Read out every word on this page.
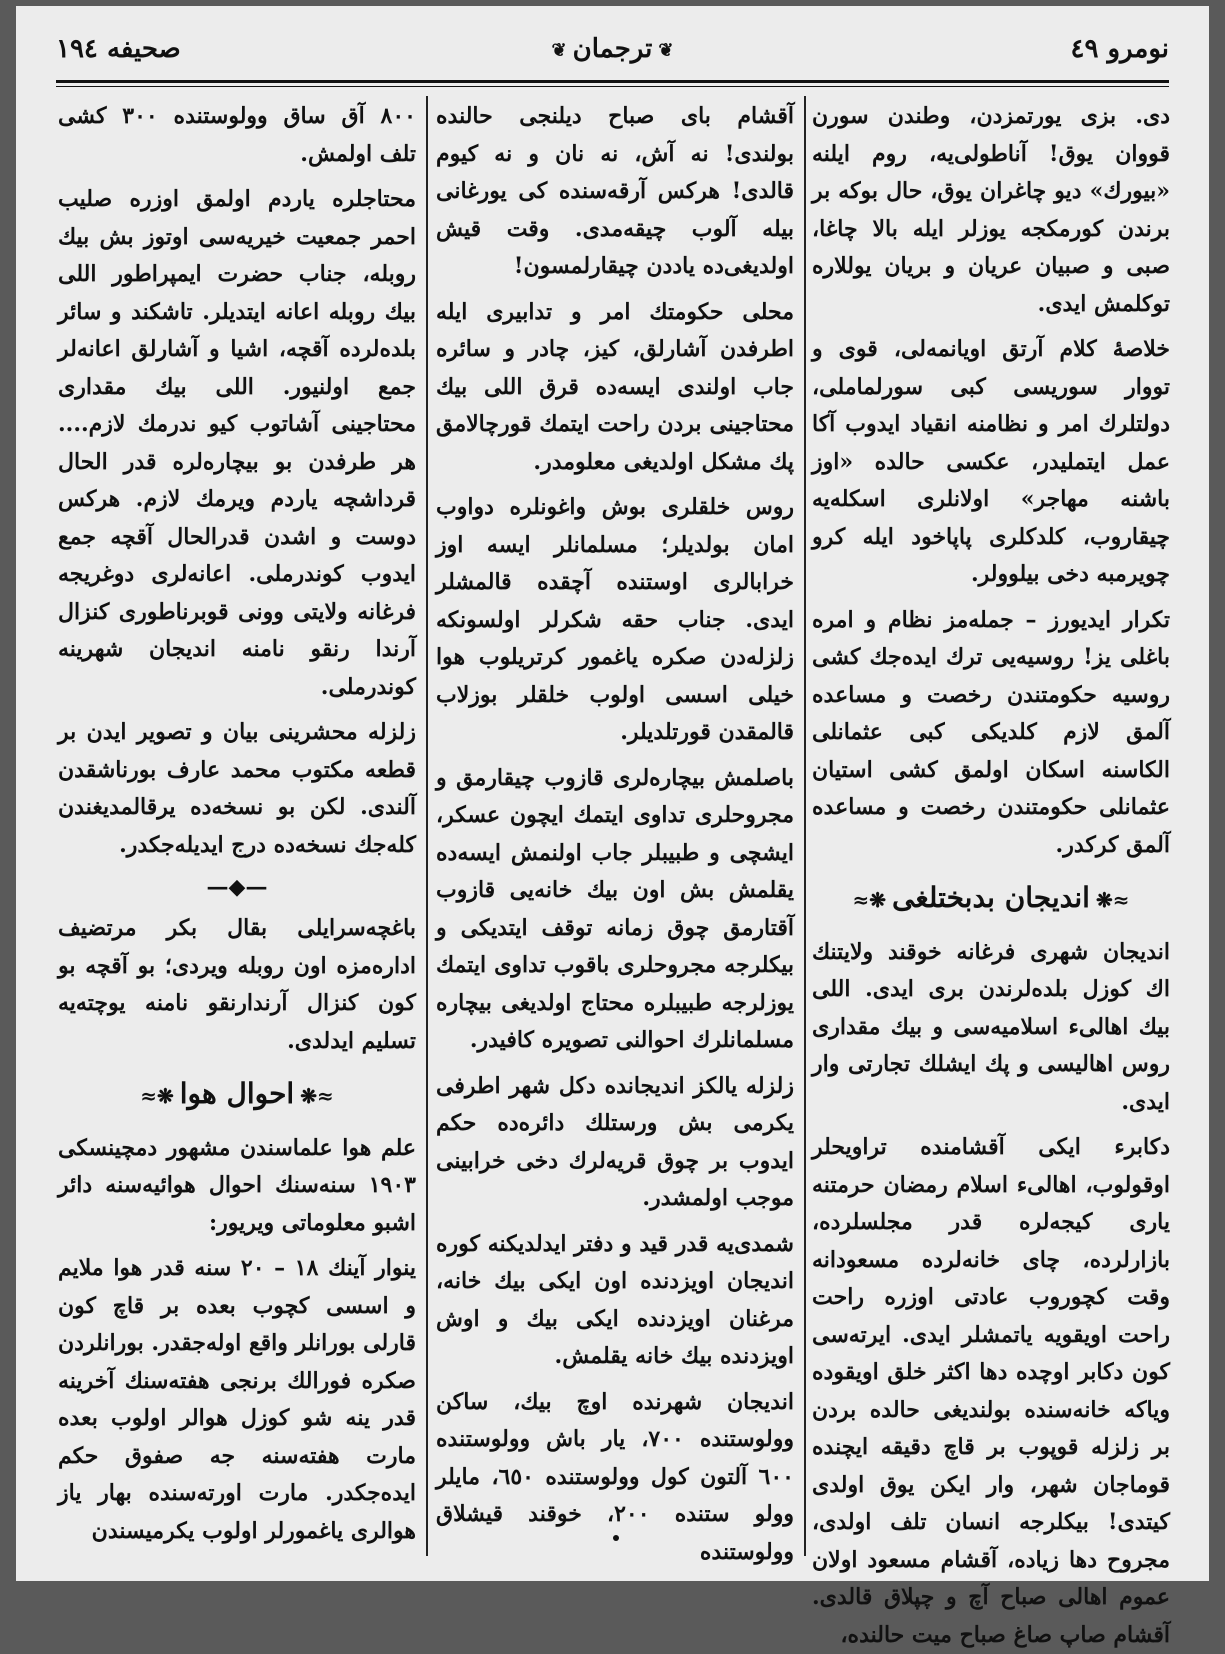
نومرو ٤٩
❦ترجمان❦
صحيفه ١٩٤

دى. بزى يورتمزدن، وطندن سورن قووان يوق! آناطولى‌يه، روم ايلنه «بيورك» ديو چاغران يوق، حال بوكه بر برندن كورمكجه يوزلر ايله بالا چاغا، صبى و صبيان عريان و بريان يوللاره توكلمش ايدى.

خلاصهٔ كلام آرتق اويانمه‌لى، قوى و تووار سوريسى كبى سورلماملى، دولتلرك امر و نظامنه انقياد ايدوب آكا عمل ايتمليدر، عكسى حالده «اوز باشنه مهاجر» اولانلرى اسكله‌يه چيقاروب، كلدكلرى پاپاخود ايله كرو چويرمبه دخى بيلوولر.

تكرار ايديورز – جمله‌مز نظام و امره باغلى يز! روسيه‌يى ترك ايده‌جك كشى روسيه حكومتندن رخصت و مساعده آلمق لازم كلديكى كبى عثمانلى الكاسنه اسكان اولمق كشى استيان عثمانلى حكومتندن رخصت و مساعده آلمق كركدر.

≈❋اندیجان بدبختلغى❋≈

اندیجان شهرى فرغانه خوقند ولايتنك اك كوزل بلده‌لرندن برى ايدى. اللى بيك اهالىء اسلاميه‌سى و بيك مقدارى روس اهاليسى و پك ايشلك تجارتى وار ايدى.

دكابرء ايكى آقشامنده تراويحلر اوقولوب، اهالىء اسلام رمضان حرمتنه يارى كيجه‌لره قدر مجلسلرده، بازارلرده، چاى خانه‌لرده مسعودانه وقت كچوروب عادتى اوزره راحت راحت اويقويه ياتمشلر ايدى. ايرته‌سى كون دكابر اوچده دها اكثر خلق اويقوده وياكه خانه‌سنده بولنديغى حالده بردن بر زلزله قوپوب بر قاچ دقيقه ايچنده قوماجان شهر، وار ايكن يوق اولدى كيتدى! بيكلرجه انسان تلف اولدى، مجروح دها زياده، آقشام مسعود اولان عموم اهالى صباح آچ و چپلاق قالدى. آقشام صاپ صاغ صباح ميت حالنده،

آقشام باى صباح ديلنجى حالنده بولندى! نه آش، نه نان و نه كيوم قالدى! هركس آرقه‌سنده كى يورغانى بيله آلوب چيقه‌مدى. وقت قيش اولديغى‌ده ياددن چيقارلمسون!

محلى حكومتك امر و تدابيرى ايله اطرفدن آشارلق، كيز، چادر و سائره جاب اولندى ايسه‌ده قرق اللى بيك محتاجينى بردن راحت ايتمك قورچالامق پك مشكل اولديغى معلومدر.

روس خلقلرى بوش واغونلره دواوب امان بولديلر؛ مسلمانلر ايسه اوز خرابالرى اوستنده آچقده قالمشلر ايدى. جناب حقه شكرلر اولسونكه زلزله‌دن صكره ياغمور كرتريلوب هوا خيلى اسسى اولوب خلقلر بوزلاب قالمقدن قورتلديلر.

باصلمش بيچاره‌لرى قازوب چيقارمق و مجروحلرى تداوى ايتمك ايچون عسكر، ايشچى و طبيبلر جاب اولنمش ايسه‌ده يقلمش بش اون بيك خانه‌يى قازوب آقتارمق چوق زمانه توقف ايتديكى و بيكلرجه مجروحلرى باقوب تداوى ايتمك يوزلرجه طبيبلره محتاج اولديغى بيچاره مسلمانلرك احوالنى تصويره كافيدر.

زلزله يالكز اندیجانده دكل شهر اطرفى يكرمى بش ورستلك دائره‌ده حكم ايدوب بر چوق قريه‌لرك دخى خرابينى موجب اولمشدر.

شمدى‌يه قدر قيد و دفتر ايدلديكنه كوره اندیجان اويزدنده اون ايكى بيك خانه، مرغنان اويزدنده ايكى بيك و اوش اويزدنده بيك خانه يقلمش.

اندیجان شهرنده اوچ بيك، ساكن وولوستنده ٧٠٠، يار باش وولوستنده ٦٠٠ آلتون كول وولوستنده ٦٥٠، مايلر وولو ستنده ٢٠٠، خوقند قيشلاق وولوستنده

٨٠٠ آق ساق وولوستنده ٣٠٠ كشى تلف اولمش.

محتاجلره ياردم اولمق اوزره صليب احمر جمعيت خيريه‌سى اوتوز بش بيك روبله، جناب حضرت ايمپراطور اللى بيك روبله اعانه ايتديلر. تاشكند و سائر بلده‌لرده آقچه، اشيا و آشارلق اعانه‌لر جمع اولنيور. اللى بيك مقدارى محتاجينى آشاتوب كيو ندرمك لازم.... هر طرفدن بو بيچاره‌لره قدر الحال قرداشچه ياردم ويرمك لازم. هركس دوست و اشدن قدرالحال آقچه جمع ايدوب كوندرملى. اعانه‌لرى دوغريجه فرغانه ولايتى وونى قوبرناطورى كنزال آرندا رنقو نامنه اندیجان شهرينه كوندرملى.

زلزله محشرينى بيان و تصوير ايدن بر قطعه مكتوب محمد عارف بورناشقدن آلندى. لكن بو نسخه‌ده يرقالمديغندن كله‌جك نسخه‌ده درج ايديله‌جكدر.

—◆—

باغچه‌سرايلى بقال بكر مرتضيف اداره‌مزه اون روبله ويردى؛ بو آقچه بو كون كنزال آرندارنقو نامنه يوچته‌يه تسليم ايدلدى.

≈❋احوال هوا❋≈

علم هوا علماسندن مشهور دمچينسكى ١٩٠٣ سنه‌سنك احوال هوائيه‌سنه دائر اشبو معلوماتى ويريور:

ينوار آينك ١٨ – ٢٠ سنه قدر هوا ملايم و اسسى كچوب بعده بر قاچ كون قارلى بورانلر واقع اوله‌جقدر. بورانلردن صكره فورالك برنجى هفته‌سنك آخرينه قدر ينه شو كوزل هوالر اولوب بعده مارت هفته‌سنه جه صفوق حكم ايده‌جكدر. مارت اورته‌سنده بهار ياز هوالرى ياغمورلر اولوب يكرميسندن
